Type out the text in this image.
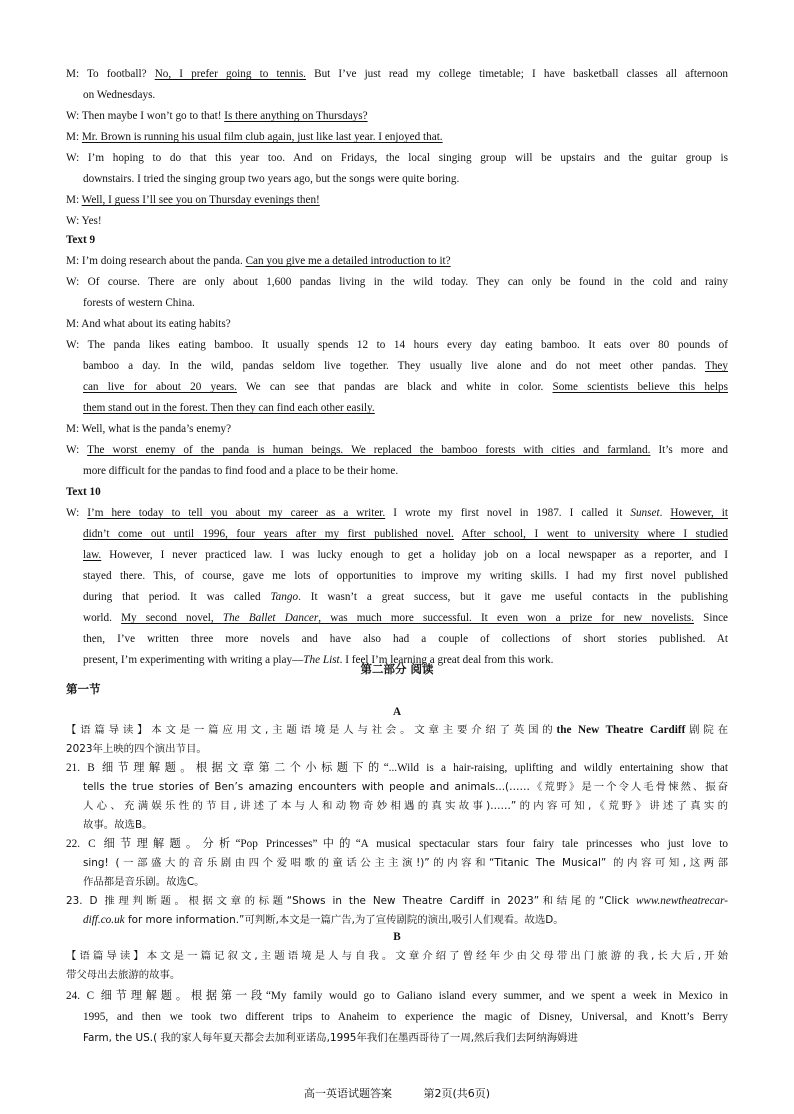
M: To football? No, I prefer going to tennis. But I’ve just read my college timetable; I have basketball classes all afternoon
on Wednesdays.
W: Then maybe I won’t go to that! Is there anything on Thursdays?
M: Mr. Brown is running his usual film club again, just like last year. I enjoyed that.
W: I’m hoping to do that this year too. And on Fridays, the local singing group will be upstairs and the guitar group is
downstairs. I tried the singing group two years ago, but the songs were quite boring.
M: Well, I guess I’ll see you on Thursday evenings then!
W: Yes!
Text 9
M: I’m doing research about the panda. Can you give me a detailed introduction to it?
W: Of course. There are only about 1,600 pandas living in the wild today. They can only be found in the cold and rainy
forests of western China.
M: And what about its eating habits?
W: The panda likes eating bamboo. It usually spends 12 to 14 hours every day eating bamboo. It eats over 80 pounds of
bamboo a day. In the wild, pandas seldom live together. They usually live alone and do not meet other pandas. They
can live for about 20 years. We can see that pandas are black and white in color. Some scientists believe this helps
them stand out in the forest. Then they can find each other easily.
M: Well, what is the panda’s enemy?
W: The worst enemy of the panda is human beings. We replaced the bamboo forests with cities and farmland. It’s more and
more difficult for the pandas to find food and a place to be their home.
Text 10
W: I’m here today to tell you about my career as a writer. I wrote my first novel in 1987. I called it Sunset. However, it
didn’t come out until 1996, four years after my first published novel. After school, I went to university where I studied
law. However, I never practiced law. I was lucky enough to get a holiday job on a local newspaper as a reporter, and I
stayed there. This, of course, gave me lots of opportunities to improve my writing skills. I had my first novel published
during that period. It was called Tango. It wasn’t a great success, but it gave me useful contacts in the publishing
world. My second novel, The Ballet Dancer, was much more successful. It even won a prize for new novelists. Since
then, I’ve written three more novels and have also had a couple of collections of short stories published. At
present, I’m experimenting with writing a play—The List. I feel I’m learning a great deal from this work.
第二部分 阅读
第一节
A
【语篇导读】本文是一篇应用文,主题语境是人与社会。文章主要介绍了英国的the New Theatre Cardiff剧院在
2023年上映的四个演出节目。
21. B 细节理解题。根据文章第二个小标题下的“...Wild is a hair-raising, uplifting and wildly entertaining show that
tells the true stories of Ben’s amazing encounters with people and animals...(……《荒野》是一个令人毛骨悚然、振奋
人心、充满娱乐性的节目,讲述了本与人和动物奇妙相遇的真实故事)……”的内容可知,《荒野》讲述了真实的
故事。故选B。
22. C 细节理解题。分析“Pop Princesses”中的“A musical spectacular stars four fairy tale princesses who just love to
sing! (一部盛大的音乐剧由四个爱唱歌的童话公主主演!)”的内容和“Titanic The Musical” 的内容可知,这两部
作品都是音乐剧。故选C。
23. D 推理判断题。根据文章的标题“Shows in the New Theatre Cardiff in 2023”和结尾的“Click www.newtheatrecar-
diff.co.uk for more information.”可判断,本文是一篇广告,为了宣传剧院的演出,吸引人们观看。故选D。
B
【语篇导读】本文是一篇记叙文,主题语境是人与自我。文章介绍了曾经年少由父母带出门旅游的我,长大后,开始
带父母出去旅游的故事。
24. C 细节理解题。根据第一段“My family would go to Galiano island every summer, and we spent a week in Mexico in
1995, and then we took two different trips to Anaheim to experience the magic of Disney, Universal, and Knott’s Berry
Farm, the US.( 我的家人每年夏天都会去加利亚诺岛,1995年我们在墨西哥待了一周,然后我们去阿纳海姆进
高一英语试题答案	第2页(共6页)
